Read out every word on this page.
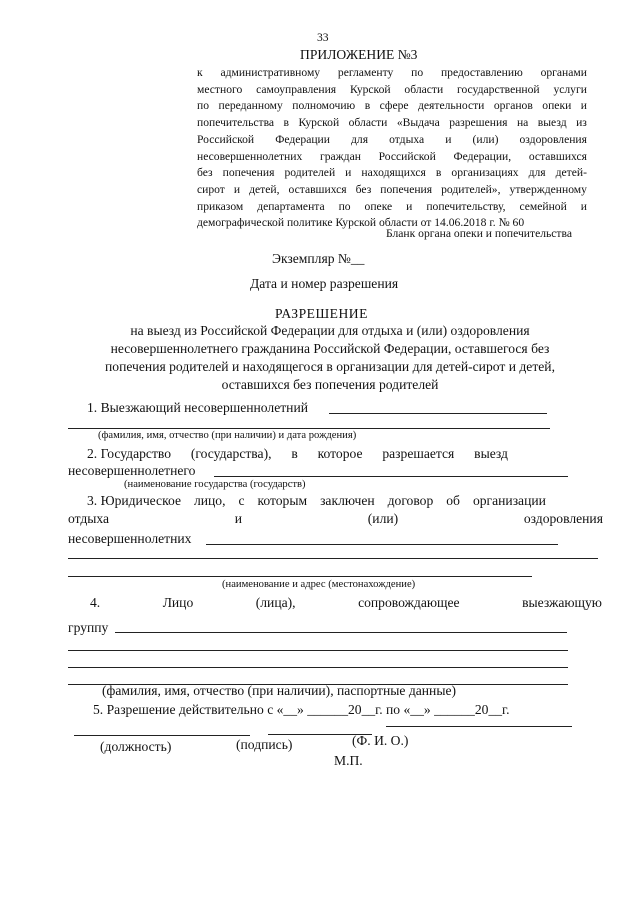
33
ПРИЛОЖЕНИЕ №3
к административному регламенту по предоставлению органами
местного самоуправления Курской области государственной услуги
по переданному полномочию в сфере деятельности органов опеки и
попечительства в Курской области «Выдача разрешения на выезд из
Российской Федерации для отдыха и (или) оздоровления
несовершеннолетних граждан Российской Федерации, оставшихся
без попечения родителей и находящихся в организациях для детей-
сирот и детей, оставшихся без попечения родителей», утвержденному
приказом департамента по опеке и попечительству, семейной и
демографической политике Курской области от 14.06.2018 г. № 60
Бланк органа опеки и попечительства
Экземпляр №__
Дата и номер разрешения
РАЗРЕШЕНИЕ
на выезд из Российской Федерации для отдыха и (или) оздоровления
несовершеннолетнего гражданина Российской Федерации, оставшегося без
попечения родителей и находящегося в организации для детей-сирот и детей,
оставшихся без попечения родителей
1. Выезжающий несовершеннолетний
(фамилия, имя, отчество (при наличии) и дата рождения)
2. Государство (государства), в которое разрешается выезд
несовершеннолетнего
(наименование государства (государств)
3. Юридическое лицо, с которым заключен договор об организации
отдыха	и	(или)	оздоровления
несовершеннолетних
(наименование и адрес (местонахождение)
4.	Лицо	(лица),	сопровождающее	выезжающую
группу
(фамилия, имя, отчество (при наличии), паспортные данные)
5. Разрешение действительно с «__» ______20__г. по «__» ______20__г.
(должность)	(подпись)	(Ф. И. О.)
М.П.
